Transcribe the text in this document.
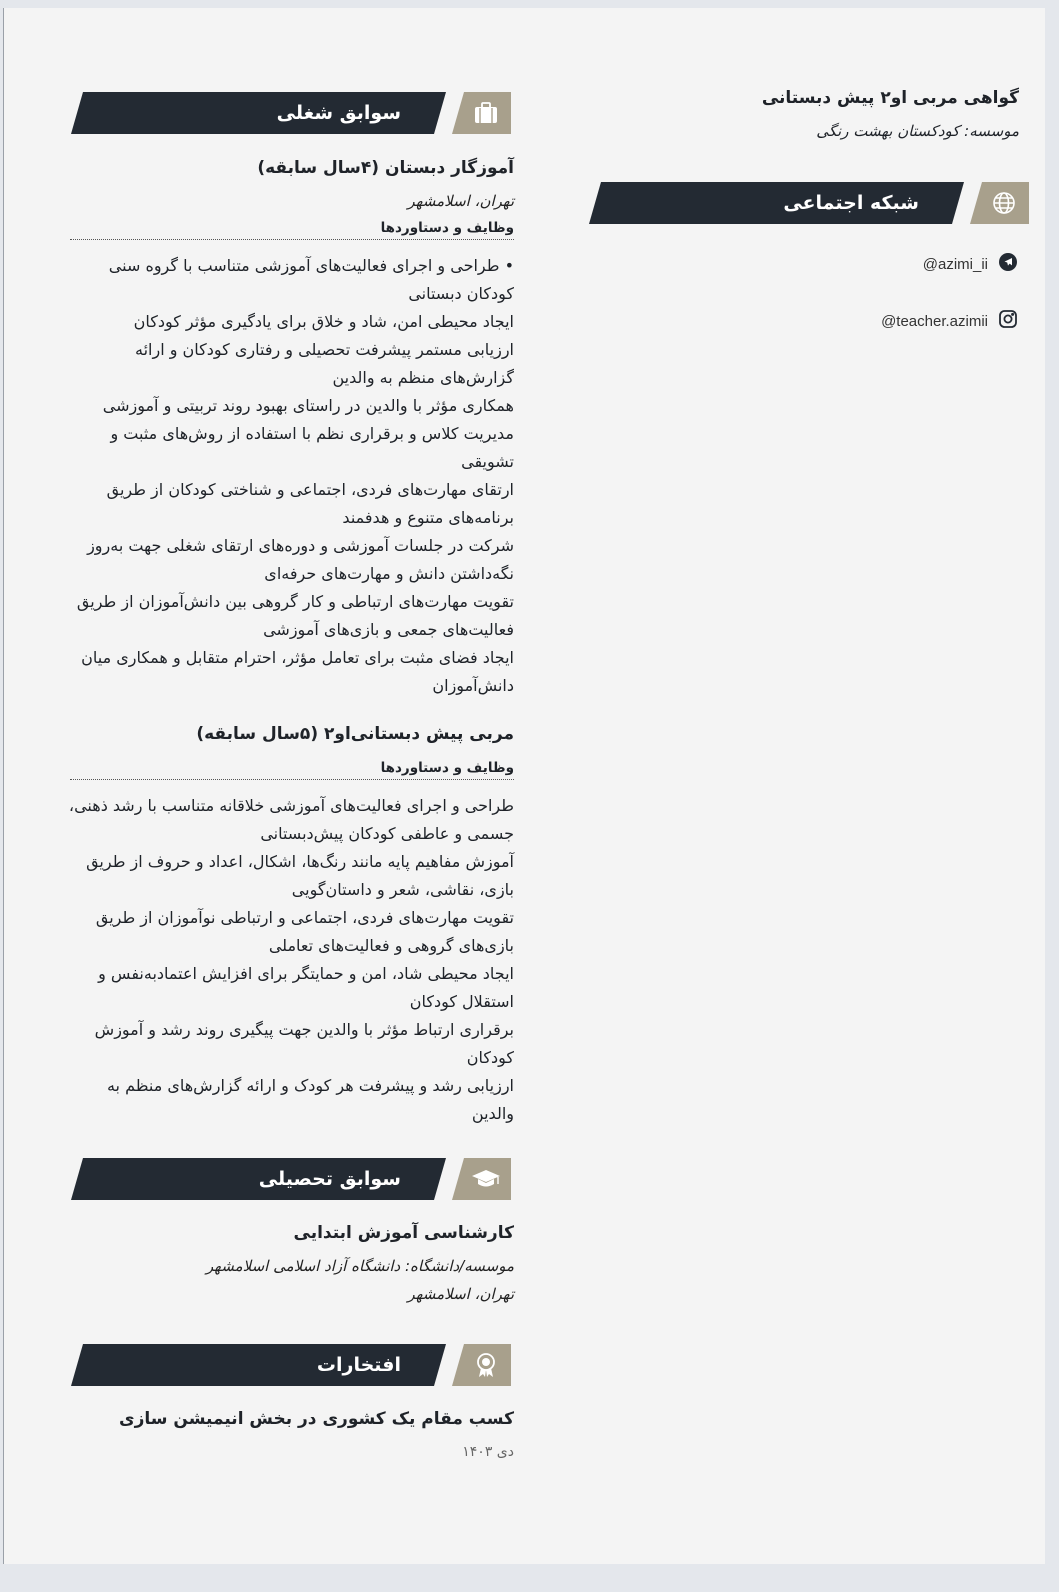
گواهی مربی او۲ پیش دبستانی
موسسه: کودکستان بهشت رنگی
شبکه اجتماعی
@azimi_ii
@teacher.azimii
سوابق شغلی
آموزگار دبستان (۴سال سابقه)
تهران، اسلامشهر
وظایف و دستاوردها

• طراحی و اجرای فعالیت‌های آموزشی متناسب با گروه سنی

کودکان دبستانی

ایجاد محیطی امن، شاد و خلاق برای یادگیری مؤثر کودکان

ارزیابی مستمر پیشرفت تحصیلی و رفتاری کودکان و ارائه

گزارش‌های منظم به والدین

همکاری مؤثر با والدین در راستای بهبود روند تربیتی و آموزشی

مدیریت کلاس و برقراری نظم با استفاده از روش‌های مثبت و

تشویقی

ارتقای مهارت‌های فردی، اجتماعی و شناختی کودکان از طریق

برنامه‌های متنوع و هدفمند

شرکت در جلسات آموزشی و دوره‌های ارتقای شغلی جهت به‌روز

نگه‌داشتن دانش و مهارت‌های حرفه‌ای

تقویت مهارت‌های ارتباطی و کار گروهی بین دانش‌آموزان از طریق

فعالیت‌های جمعی و بازی‌های آموزشی

ایجاد فضای مثبت برای تعامل مؤثر، احترام متقابل و همکاری میان

دانش‌آموزان

مربی پیش دبستانی‌او۲ (۵سال سابقه)
وظایف و دستاوردها

طراحی و اجرای فعالیت‌های آموزشی خلاقانه متناسب با رشد ذهنی،

جسمی و عاطفی کودکان پیش‌دبستانی

آموزش مفاهیم پایه مانند رنگ‌ها، اشکال، اعداد و حروف از طریق

بازی، نقاشی، شعر و داستان‌گویی

تقویت مهارت‌های فردی، اجتماعی و ارتباطی نوآموزان از طریق

بازی‌های گروهی و فعالیت‌های تعاملی

ایجاد محیطی شاد، امن و حمایتگر برای افزایش اعتمادبه‌نفس و

استقلال کودکان

برقراری ارتباط مؤثر با والدین جهت پیگیری روند رشد و آموزش

کودکان

ارزیابی رشد و پیشرفت هر کودک و ارائه گزارش‌های منظم به

والدین

سوابق تحصیلی
کارشناسی آموزش ابتدایی
موسسه/دانشگاه: دانشگاه آزاد اسلامی اسلامشهر
تهران، اسلامشهر
افتخارات
کسب مقام یک کشوری در بخش انیمیشن سازی
دی ۱۴۰۳
